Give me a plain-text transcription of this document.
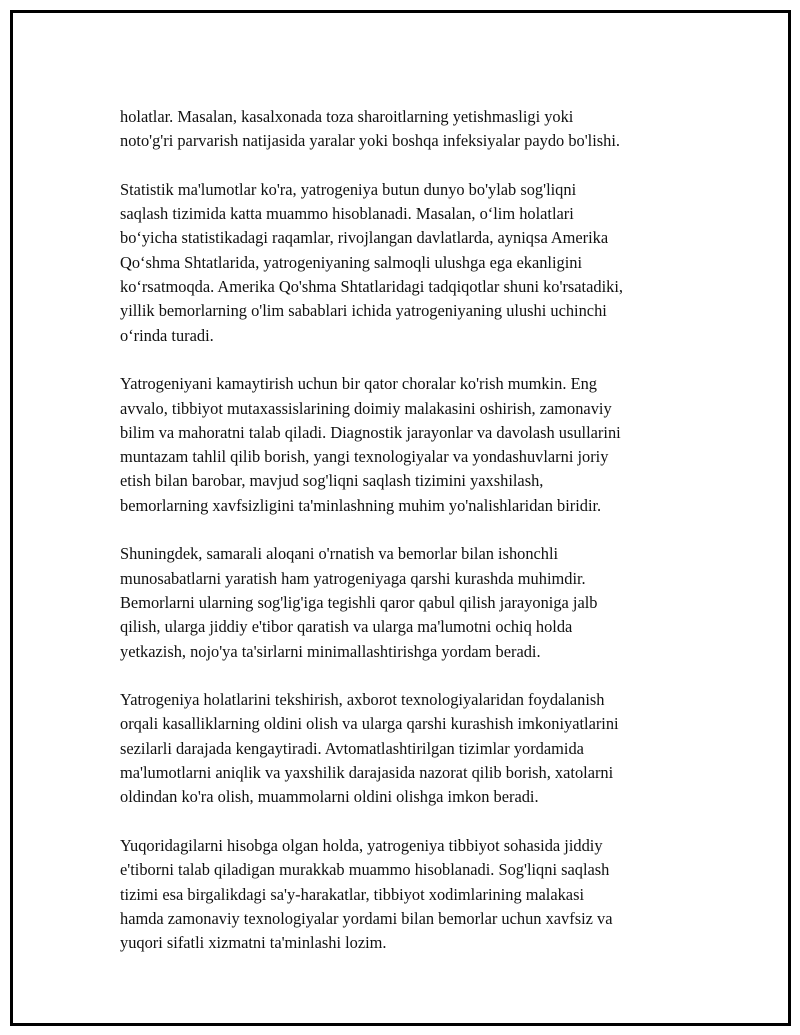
holatlar. Masalan, kasalxonada toza sharoitlarning yetishmasligi yoki
noto'g'ri parvarish natijasida yaralar yoki boshqa infeksiyalar paydo bo'lishi.

Statistik ma'lumotlar ko'ra, yatrogeniya butun dunyo bo'ylab sog'liqni
saqlash tizimida katta muammo hisoblanadi. Masalan, o‘lim holatlari
bo‘yicha statistikadagi raqamlar, rivojlangan davlatlarda, ayniqsa Amerika
Qo‘shma Shtatlarida, yatrogeniyaning salmoqli ulushga ega ekanligini
ko‘rsatmoqda. Amerika Qo'shma Shtatlaridagi tadqiqotlar shuni ko'rsatadiki,
yillik bemorlarning o'lim sabablari ichida yatrogeniyaning ulushi uchinchi
o‘rinda turadi.

Yatrogeniyani kamaytirish uchun bir qator choralar ko'rish mumkin. Eng
avvalo, tibbiyot mutaxassislarining doimiy malakasini oshirish, zamonaviy
bilim va mahoratni talab qiladi. Diagnostik jarayonlar va davolash usullarini
muntazam tahlil qilib borish, yangi texnologiyalar va yondashuvlarni joriy
etish bilan barobar, mavjud sog'liqni saqlash tizimini yaxshilash,
bemorlarning xavfsizligini ta'minlashning muhim yo'nalishlaridan biridir.

Shuningdek, samarali aloqani o'rnatish va bemorlar bilan ishonchli
munosabatlarni yaratish ham yatrogeniyaga qarshi kurashda muhimdir.
Bemorlarni ularning sog'lig'iga tegishli qaror qabul qilish jarayoniga jalb
qilish, ularga jiddiy e'tibor qaratish va ularga ma'lumotni ochiq holda
yetkazish, nojo'ya ta'sirlarni minimallashtirishga yordam beradi.

Yatrogeniya holatlarini tekshirish, axborot texnologiyalaridan foydalanish
orqali kasalliklarning oldini olish va ularga qarshi kurashish imkoniyatlarini
sezilarli darajada kengaytiradi. Avtomatlashtirilgan tizimlar yordamida
ma'lumotlarni aniqlik va yaxshilik darajasida nazorat qilib borish, xatolarni
oldindan ko'ra olish, muammolarni oldini olishga imkon beradi.

Yuqoridagilarni hisobga olgan holda, yatrogeniya tibbiyot sohasida jiddiy
e'tiborni talab qiladigan murakkab muammo hisoblanadi. Sog'liqni saqlash
tizimi esa birgalikdagi sa'y-harakatlar, tibbiyot xodimlarining malakasi
hamda zamonaviy texnologiyalar yordami bilan bemorlar uchun xavfsiz va
yuqori sifatli xizmatni ta'minlashi lozim.
